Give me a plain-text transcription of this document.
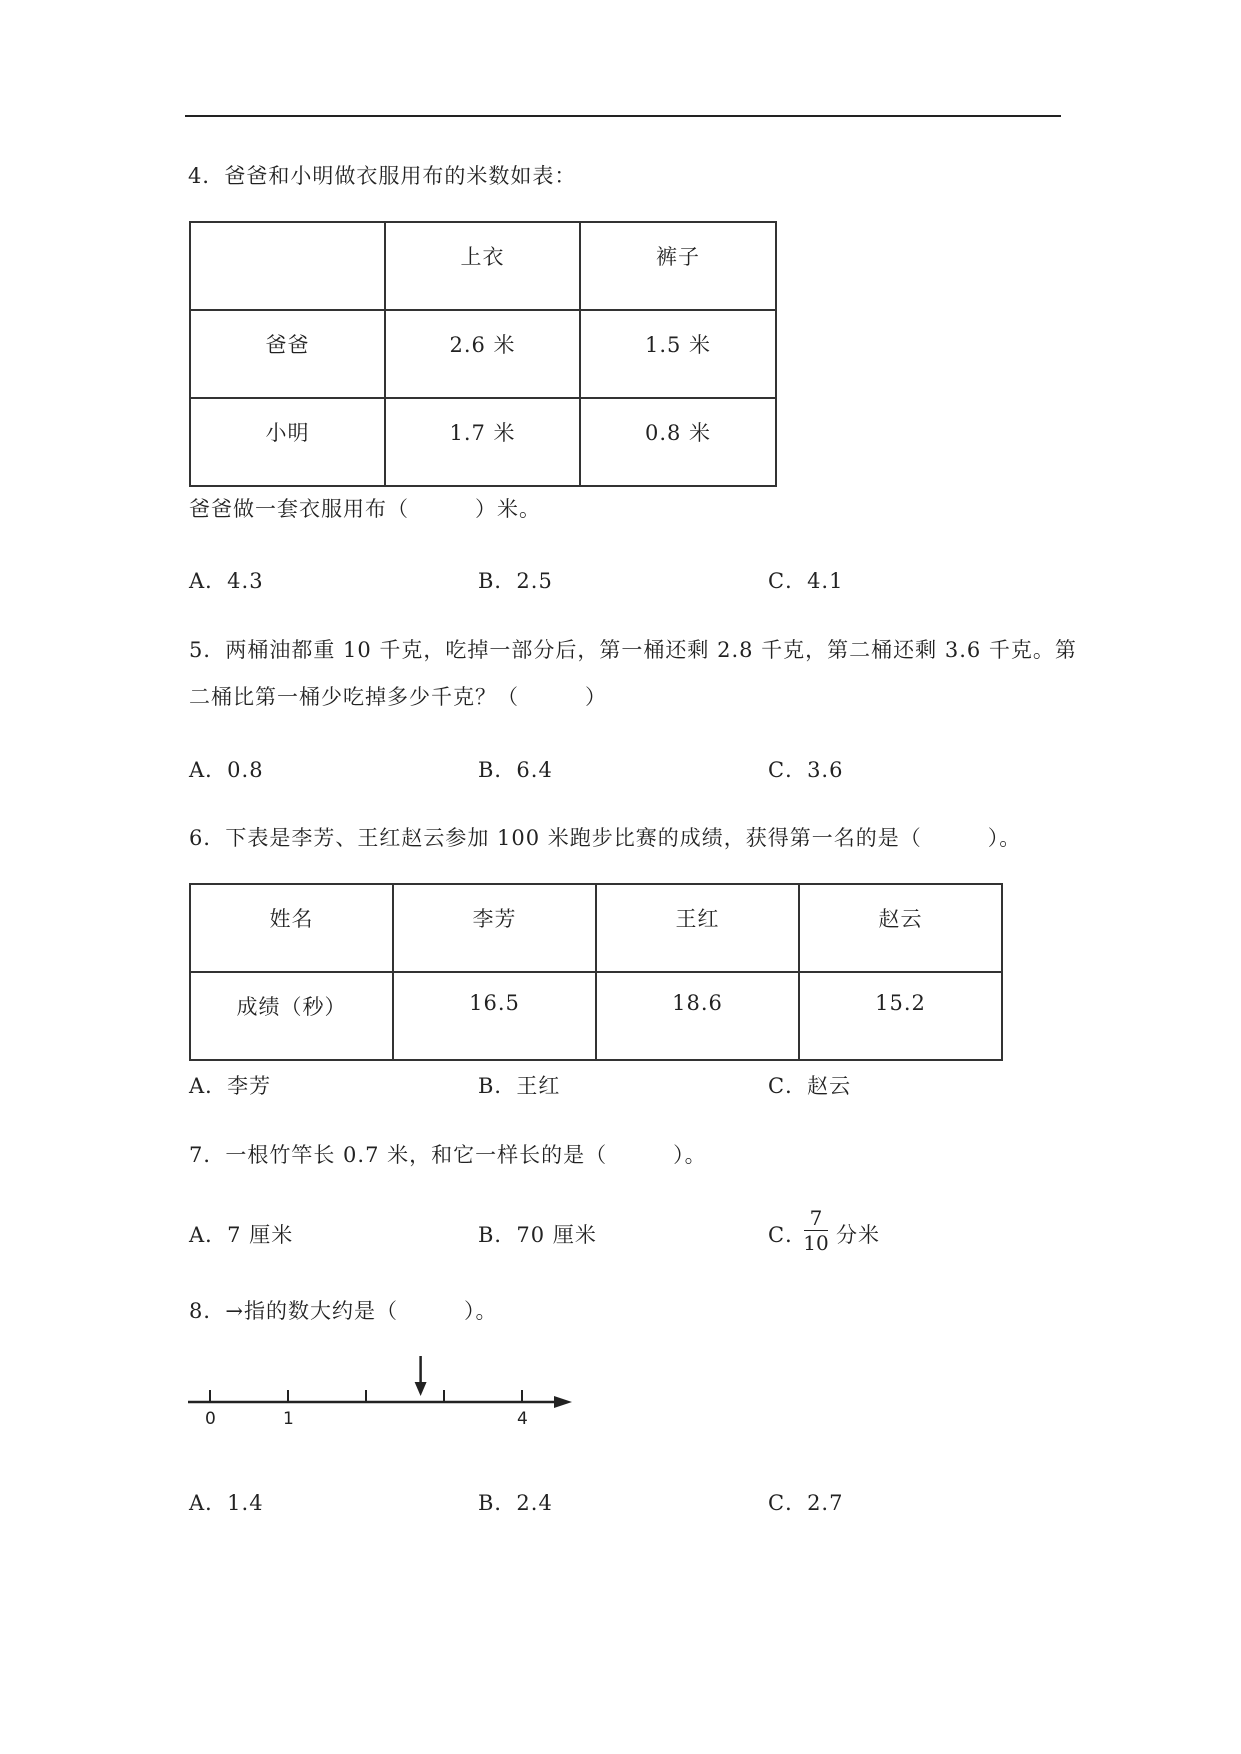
4．爸爸和小明做衣服用布的米数如表：
	上衣	裤子
爸爸	2.6 米	1.5 米
小明	1.7 米	0.8 米
爸爸做一套衣服用布（　　　）米。
A．4.3	B．2.5	C．4.1
5．两桶油都重 10 千克，吃掉一部分后，第一桶还剩 2.8 千克，第二桶还剩 3.6 千克。第
二桶比第一桶少吃掉多少千克？（　　　）
A．0.8	B．6.4	C．3.6
6．下表是李芳、王红赵云参加 100 米跑步比赛的成绩，获得第一名的是（　　　）。
姓名	李芳	王红	赵云
成绩（秒）	16.5	18.6	15.2
A．李芳	B．王红	C．赵云
7．一根竹竿长 0.7 米，和它一样长的是（　　　）。
A．7 厘米	B．70 厘米	C．
7
10 分米
8．→指的数大约是（　　　）。
0	1	4
A．1.4	B．2.4	C．2.7
